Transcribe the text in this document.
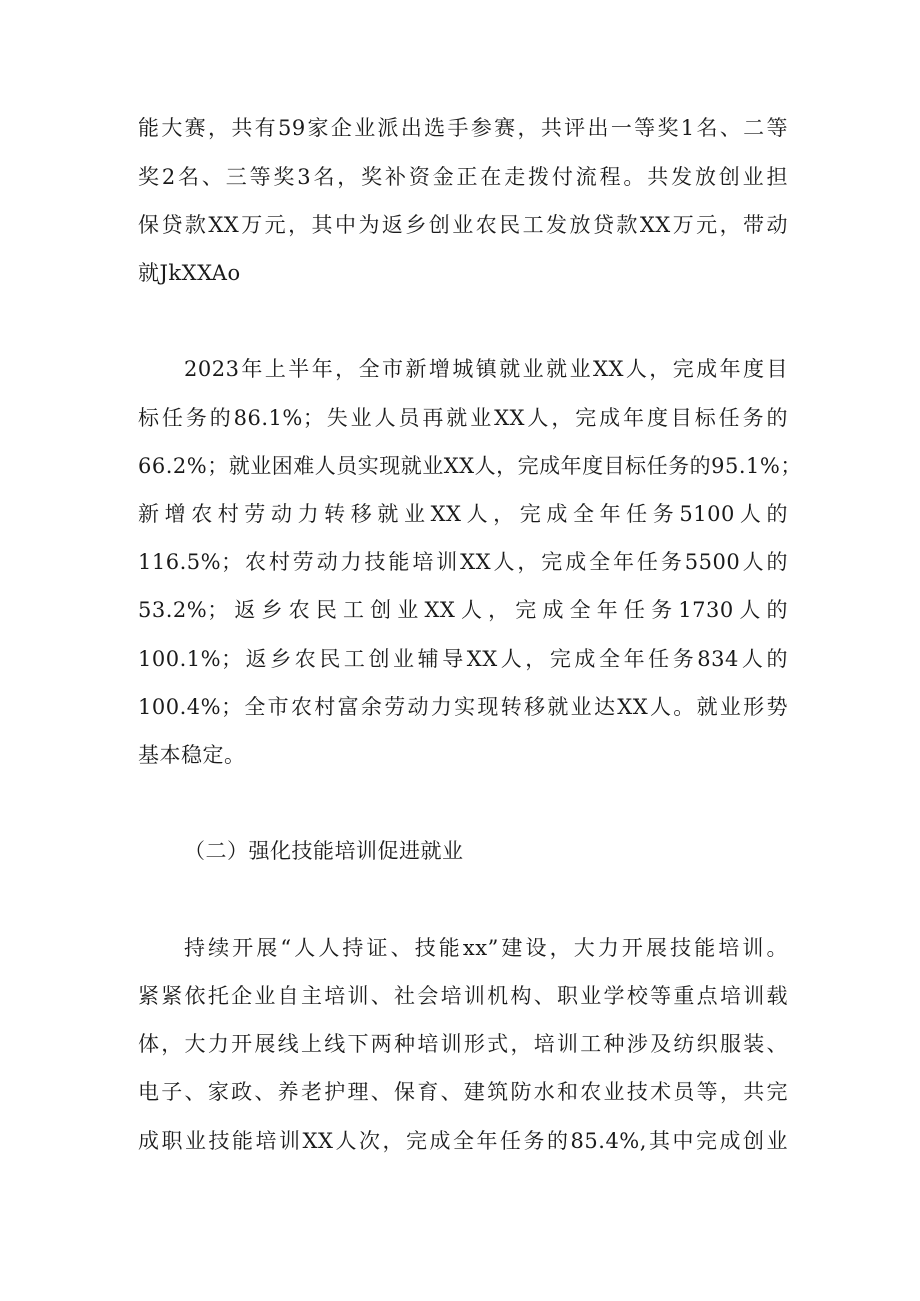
能大赛，共有59家企业派出选手参赛，共评出一等奖1名、二等
奖2名、三等奖3名，奖补资金正在走拨付流程。共发放创业担
保贷款XX万元，其中为返乡创业农民工发放贷款XX万元，带动
就JkXXAo
2023年上半年，全市新增城镇就业就业XX人，完成年度目
标任务的86.1%；失业人员再就业XX人，完成年度目标任务的
66.2%；就业困难人员实现就业XX人，完成年度目标任务的95.1%；
新增农村劳动力转移就业XX人，完成全年任务5100人的
116.5%；农村劳动力技能培训XX人，完成全年任务5500人的
53.2%；返乡农民工创业XX人，完成全年任务1730人的
100.1%；返乡农民工创业辅导XX人，完成全年任务834人的
100.4%；全市农村富余劳动力实现转移就业达XX人。就业形势
基本稳定。
（二）强化技能培训促进就业
持续开展“人人持证、技能xx”建设，大力开展技能培训。
紧紧依托企业自主培训、社会培训机构、职业学校等重点培训载
体，大力开展线上线下两种培训形式，培训工种涉及纺织服装、
电子、家政、养老护理、保育、建筑防水和农业技术员等，共完
成职业技能培训XX人次，完成全年任务的85.4%,其中完成创业
